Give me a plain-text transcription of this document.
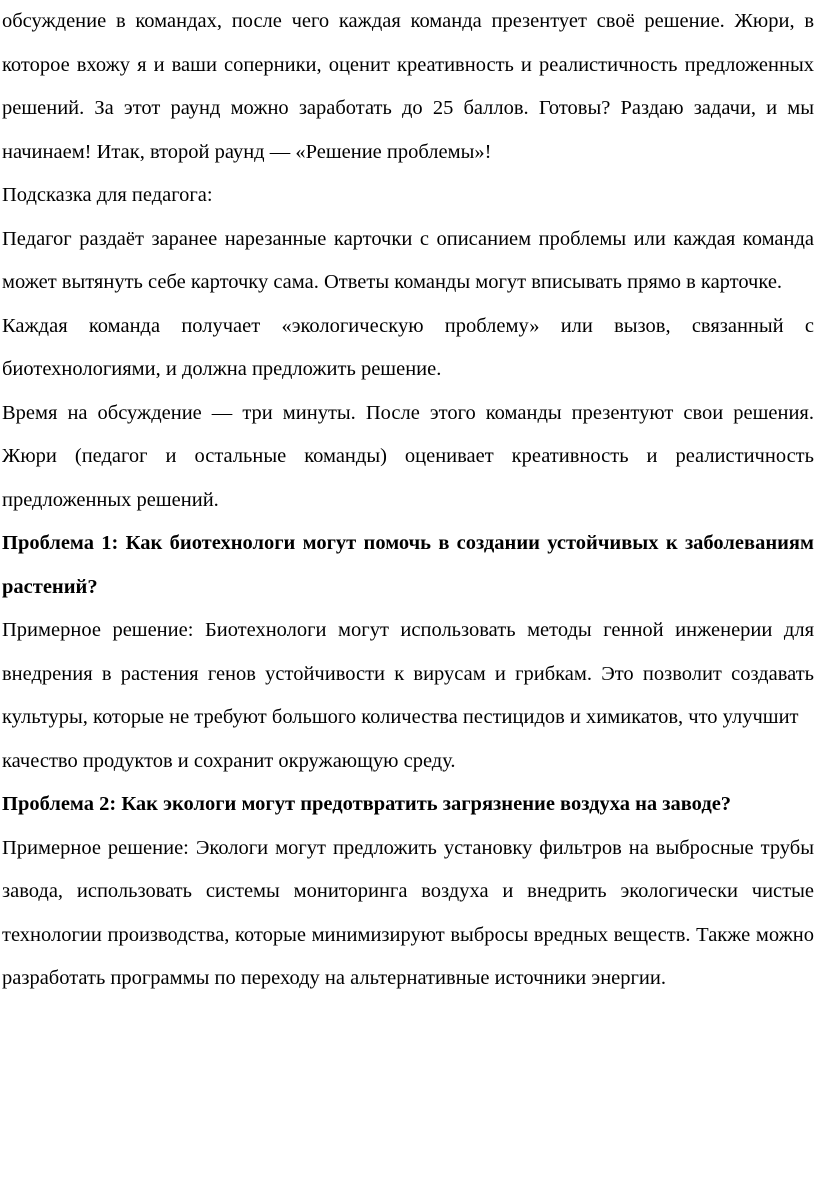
обсуждение в командах, после чего каждая команда презентует своё решение. Жюри, в которое вхожу я и ваши соперники, оценит креативность и реалистичность предложенных решений. За этот раунд можно заработать до 25 баллов. Готовы? Раздаю задачи, и мы начинаем! Итак, второй раунд — «Решение проблемы»!

Подсказка для педагога:

Педагог раздаёт заранее нарезанные карточки с описанием проблемы или каждая команда может вытянуть себе карточку сама. Ответы команды могут вписывать прямо в карточке.

Каждая команда получает «экологическую проблему» или вызов, связанный с биотехнологиями, и должна предложить решение.

Время на обсуждение — три минуты. После этого команды презентуют свои решения. Жюри (педагог и остальные команды) оценивает креативность и реалистичность предложенных решений.

Проблема 1: Как биотехнологи могут помочь в создании устойчивых к заболеваниям растений?

Примерное решение: Биотехнологи могут использовать методы генной инженерии для внедрения в растения генов устойчивости к вирусам и грибкам. Это позволит создавать культуры, которые не требуют большого количества пестицидов и химикатов, что улучшит

качество продуктов и сохранит окружающую среду.

Проблема 2: Как экологи могут предотвратить загрязнение воздуха на заводе?

Примерное решение: Экологи могут предложить установку фильтров на выбросные трубы завода, использовать системы мониторинга воздуха и внедрить экологически чистые технологии производства, которые минимизируют выбросы вредных веществ. Также можно разработать программы по переходу на альтернативные источники энергии.
